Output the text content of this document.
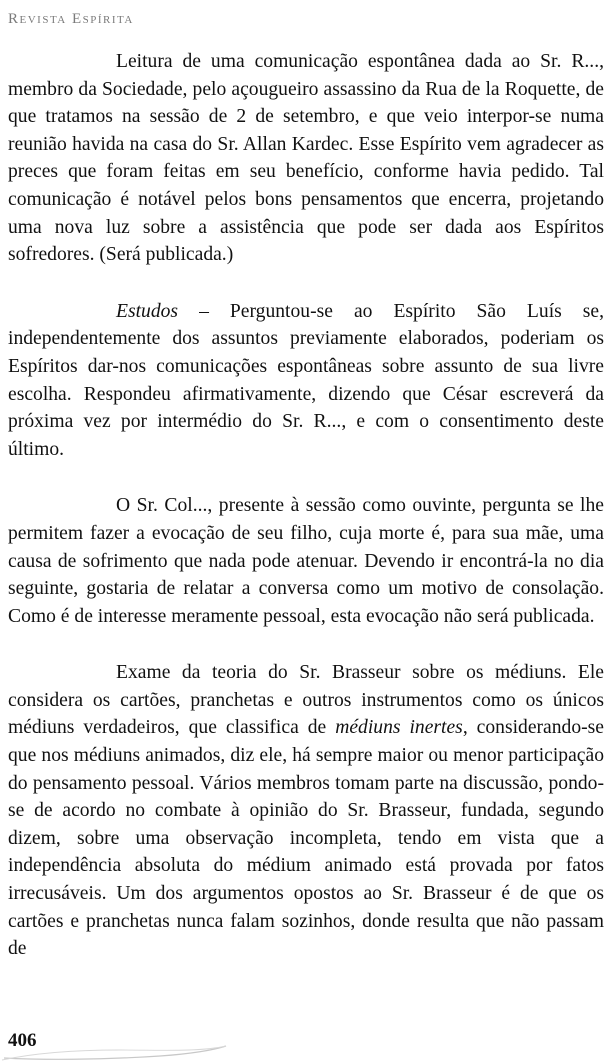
Revista Espírita

Leitura de uma comunicação espontânea dada ao Sr. R..., membro da Sociedade, pelo açougueiro assassino da Rua de la Roquette, de que tratamos na sessão de 2 de setembro, e que veio interpor-se numa reunião havida na casa do Sr. Allan Kardec. Esse Espírito vem agradecer as preces que foram feitas em seu benefício, conforme havia pedido. Tal comunicação é notável pelos bons pensamentos que encerra, projetando uma nova luz sobre a assistência que pode ser dada aos Espíritos sofredores. (Será publicada.)

Estudos – Perguntou-se ao Espírito São Luís se, independentemente dos assuntos previamente elaborados, poderiam os Espíritos dar-nos comunicações espontâneas sobre assunto de sua livre escolha. Respondeu afirmativamente, dizendo que César escreverá da próxima vez por intermédio do Sr. R..., e com o consentimento deste último.

O Sr. Col..., presente à sessão como ouvinte, pergunta se lhe permitem fazer a evocação de seu filho, cuja morte é, para sua mãe, uma causa de sofrimento que nada pode atenuar. Devendo ir encontrá-la no dia seguinte, gostaria de relatar a conversa como um motivo de consolação. Como é de interesse meramente pessoal, esta evocação não será publicada.

Exame da teoria do Sr. Brasseur sobre os médiuns. Ele considera os cartões, pranchetas e outros instrumentos como os únicos médiuns verdadeiros, que classifica de médiuns inertes, considerando-se que nos médiuns animados, diz ele, há sempre maior ou menor participação do pensamento pessoal. Vários membros tomam parte na discussão, pondo-se de acordo no combate à opinião do Sr. Brasseur, fundada, segundo dizem, sobre uma observação incompleta, tendo em vista que a independência absoluta do médium animado está provada por fatos irrecusáveis. Um dos argumentos opostos ao Sr. Brasseur é de que os cartões e pranchetas nunca falam sozinhos, donde resulta que não passam de

406
